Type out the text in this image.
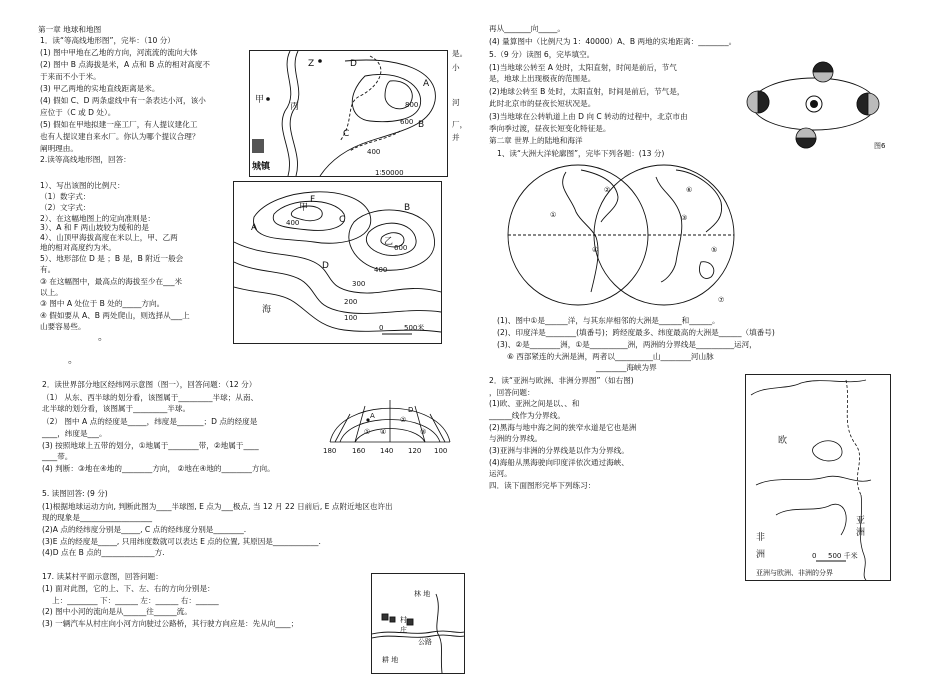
第一章 地球和地图
1．读“等高线地形图”，完毕：（10 分）
(1) 图中甲地在乙地的方向，河流流的流向大体
(2) 图中 B 点海拔是米，A 点和 B 点的相对高度不
于来而不小于米。
(3) 甲乙两地的实地直线距离是米。
(4) 假如 C、D 两条虚线中有一条表达小河，该小
应位于（C 或 D 处）。
(5) 假如在甲地拟建一座工厂，有人提议建化工
也有人提议建自来水厂。你认为哪个提议合理？
阐明理由。
2.读等高线地形图，回答：
是。
小
河
厂，
并
1）、写出该图的比例尺：
（1）数字式：
（2）文字式：
2）、在这幅地图上的定向准则是：
3）、A 和 F 两山坡较为缓和的是
4）、山顶甲海拔高度在米以上，甲、乙两
地的相对高度约为米。
5）、地形部位 D 是 ；B 是，B 附近一般会
有。
③ 在这幅图中，最高点的海拔至少在___米
以上。
③ 图中 A 处位于 B 处的_____方向。
④ 假如要从 A、B 两处爬山，则选择从___上
山要容易些。
2．读世界部分地区经纬网示意图（图一），回答问题：（12 分）
（1） 从东、西半球的划分看，该图属于_________半球；从南、
北半球的划分看，该图属于_________半球。
（2） 图中 A 点的经度是_____，纬度是_______；D 点的经度是
____，纬度是___。
(3) 按照地球上五带的划分，①地属于________带，②地属于____
____带。
(4) 判断：③地在④地的________方向， ②地在④地的________方向。
5. 读图回答: (9 分)
(1)根据地球运动方向, 判断此图为____半球图, E 点为___极点, 当 12 月 22 日前后, E 点附近地区也许出
现的现象是___________________
(2)A 点的经纬度分别是_____, C 点的经纬度分别是________.
(3)E 点的经度是_____, 只用纬度数就可以表达 E 点的位置, 其原因是____________.
(4)D 点在 B 点的______________方.
17. 读某村平面示意图，回答问题：
(1) 面对此图，它的上、下、左、右的方向分别是：
上：________ 下：______ 左：______ 右：______
(2) 图中小河的流向是从______往______流。
(3) 一辆汽车从村庄向小河方向驶过公路桥，其行驶方向应是：先从向____；
。
。
再从_______向_____。
(4) 量算图中（比例尺为 1：40000）A、B 两地的实地距离：________。
5.（9 分）读图 6，完毕填空。
(1)当地球公转至 A 处时，太阳直射，时间是前后，节气
是，地球上出现极夜的范围是。
(2)地球公转至 B 处时，太阳直射，时间是前后，节气是，
此时北京市的昼夜长短状况是。
(3)当地球在公转轨道上由 D 向 C 转动的过程中，北京市由
季向季过渡，昼夜长短变化特征是。
第二章 世界上的陆地和海洋
1、读“大洲大洋轮廓图”，完毕下列各题：(13 分)
(1)、图中①是______洋，与其东岸相邻的大洲是______和______。
(2)、印度洋是________(填番号)；跨经度最多、纬度最高的大洲是______（填番号)
(3)、②是________洲，①是__________洲，两洲的分界线是__________运河，
⑥ 西部紧连的大洲是洲，两者以__________山________河山脉
________海峡为界
2．读“亚洲与欧洲、非洲分界图”（如右图)
，回答问题：
(1)欧、亚洲之间是以、、和
______线作为分界线。
(2)黑海与地中海之间的狭窄水道是它也是洲
与洲的分界线。
(3)亚洲与非洲的分界线是以作为分界线。
(4)海船从黑海驶向印度洋依次通过海峡、
运河。
四．读下面图形完毕下列练习：
Z	D
A
800
甲
丙
600 B
C
400
城镇
1∶50000
400
600
400
300
200
100
A
F
甲
C
乙
D
B
海
0	500米
①
②
③
④
A
D
180 160 140 120 100
林 地
村
庄
公路
耕 地
图6
①
②
③
④	⑤
⑥
⑦
欧
亚
洲
非
洲	0 500 千米
亚洲与欧洲、非洲的分界
